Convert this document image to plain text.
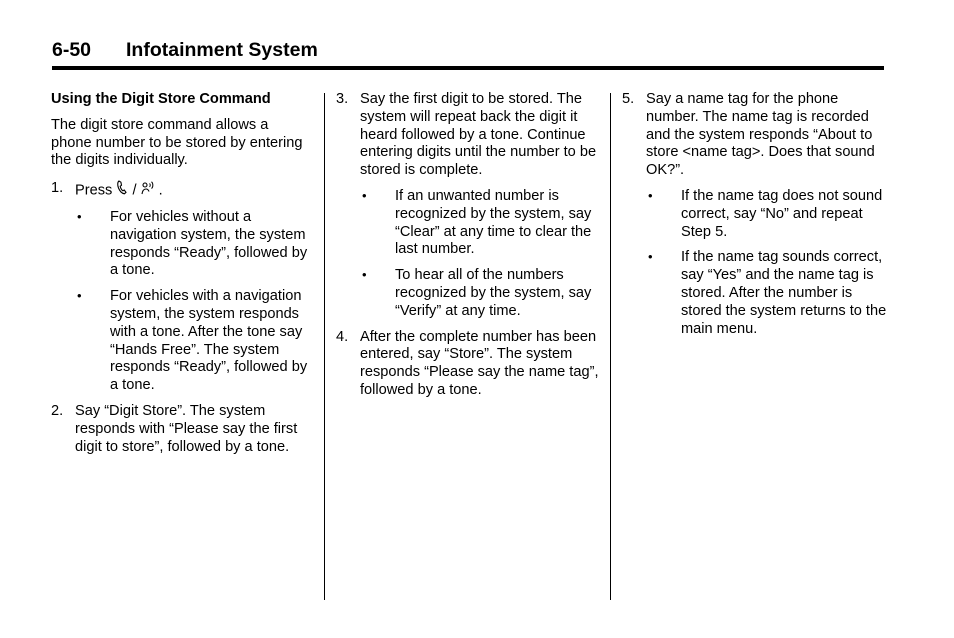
6-50 Infotainment System

Using the Digit Store Command

The digit store command allows a phone number to be stored by entering the digits individually.

1. Press / .
• For vehicles without a navigation system, the system responds “Ready”, followed by a tone.
• For vehicles with a navigation system, the system responds with a tone. After the tone say “Hands Free”. The system responds “Ready”, followed by a tone.
2. Say “Digit Store”. The system responds with “Please say the first digit to store”, followed by a tone.
3. Say the first digit to be stored. The system will repeat back the digit it heard followed by a tone. Continue entering digits until the number to be stored is complete.
• If an unwanted number is recognized by the system, say “Clear” at any time to clear the last number.
• To hear all of the numbers recognized by the system, say “Verify” at any time.
4. After the complete number has been entered, say “Store”. The system responds “Please say the name tag”, followed by a tone.
5. Say a name tag for the phone number. The name tag is recorded and the system responds “About to store <name tag>. Does that sound OK?”.
• If the name tag does not sound correct, say “No” and repeat Step 5.
• If the name tag sounds correct, say “Yes” and the name tag is stored. After the number is stored the system returns to the main menu.
